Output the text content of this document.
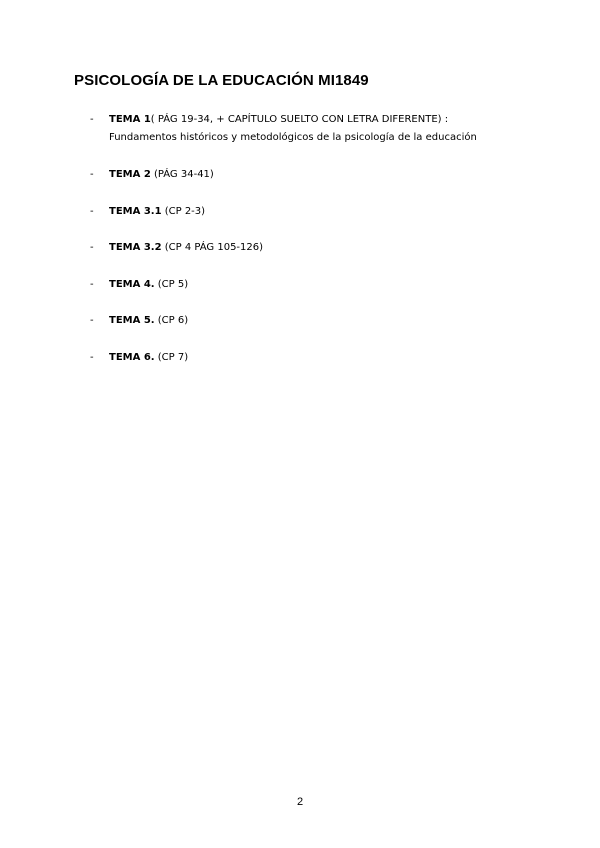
PSICOLOGÍA DE LA EDUCACIÓN MI1849
- TEMA 1( PÁG 19-34, + CAPÍTULO SUELTO CON LETRA DIFERENTE) :
Fundamentos históricos y metodológicos de la psicología de la educación
- TEMA 2 (PÁG 34-41)
- TEMA 3.1 (CP 2-3)
- TEMA 3.2 (CP 4 PÁG 105-126)
- TEMA 4. (CP 5)
- TEMA 5. (CP 6)
- TEMA 6. (CP 7)
2
